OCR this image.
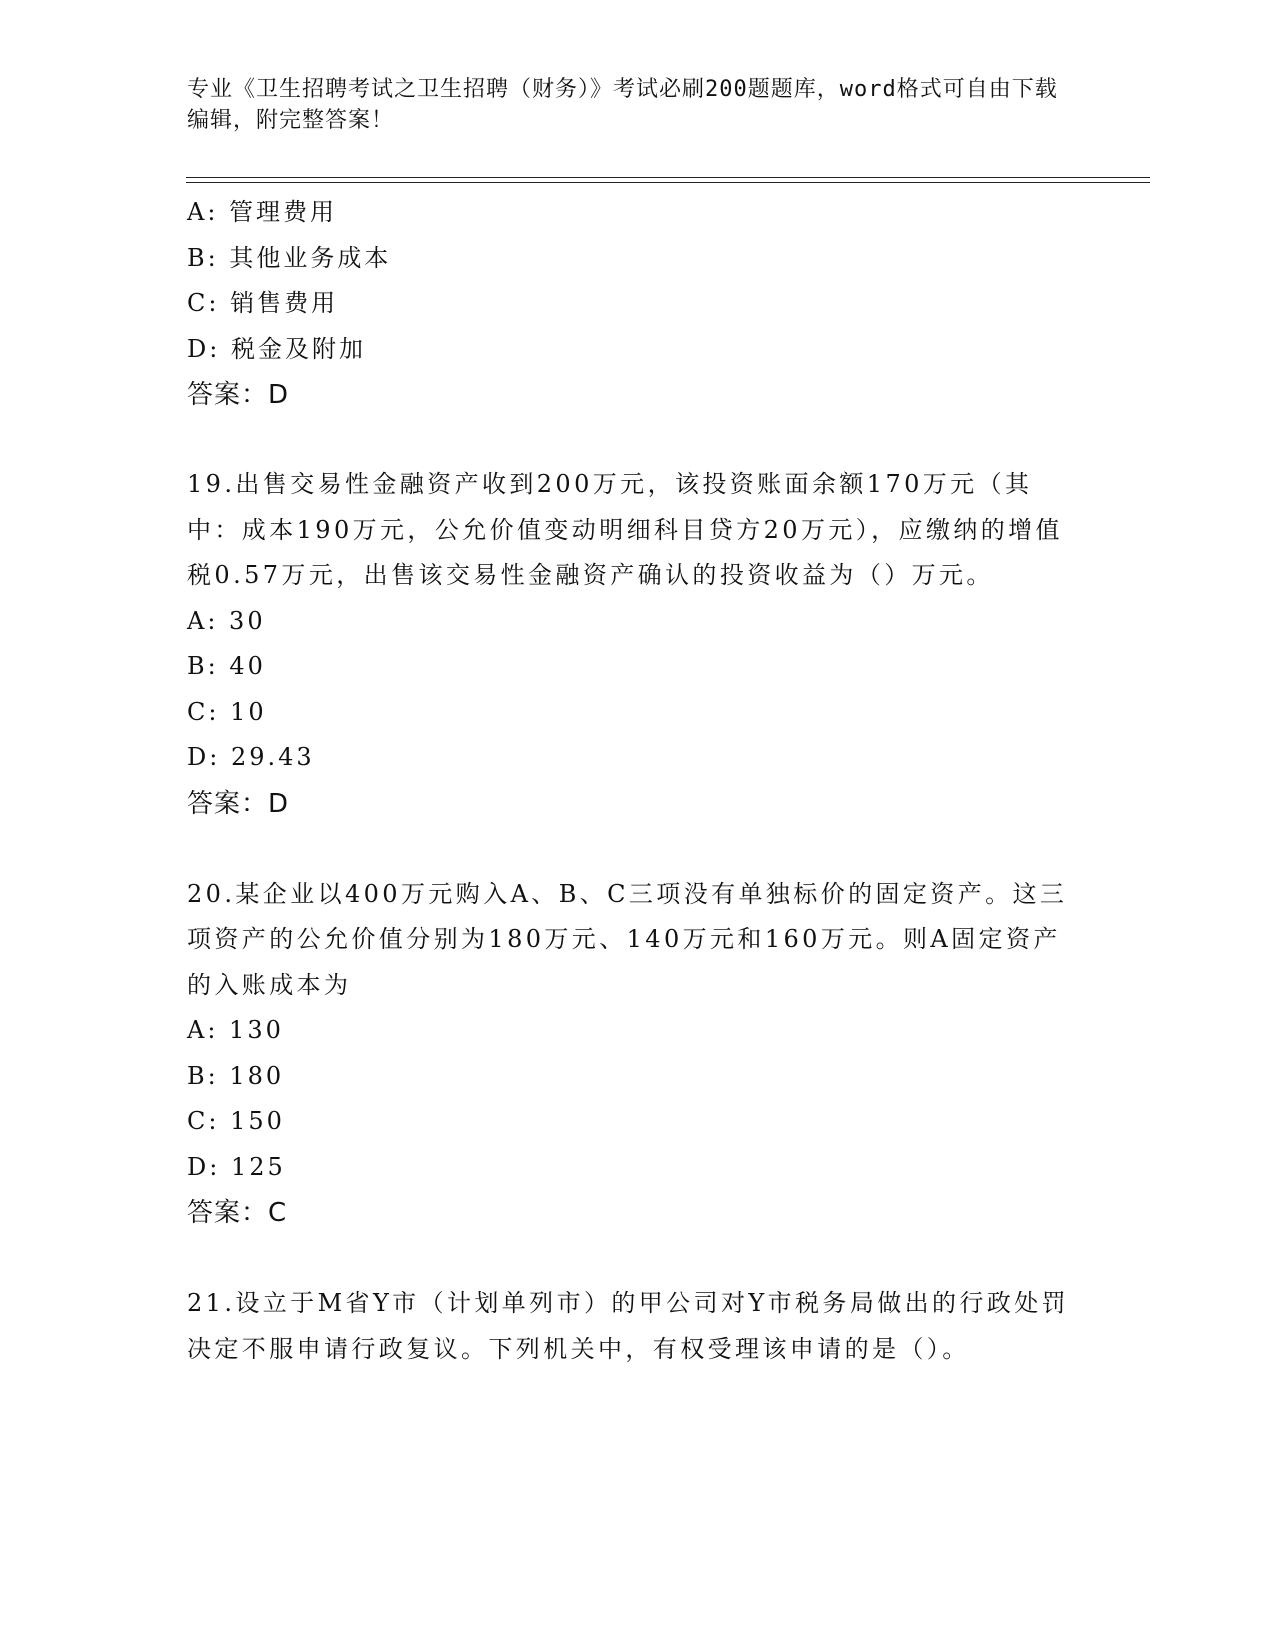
专业《卫生招聘考试之卫生招聘（财务）》考试必刷200题题库，word格式可自由下载编辑，附完整答案！
A: 管理费用
B: 其他业务成本
C: 销售费用
D: 税金及附加
答案：D
19.出售交易性金融资产收到200万元，该投资账面余额170万元（其中：成本190万元，公允价值变动明细科目贷方20万元），应缴纳的增值税0.57万元，出售该交易性金融资产确认的投资收益为（）万元。
A: 30
B: 40
C: 10
D: 29.43
答案：D
20.某企业以400万元购入A、B、C三项没有单独标价的固定资产。这三项资产的公允价值分别为180万元、140万元和160万元。则A固定资产的入账成本为
A: 130
B: 180
C: 150
D: 125
答案：C
21.设立于M省Y市（计划单列市）的甲公司对Y市税务局做出的行政处罚决定不服申请行政复议。下列机关中，有权受理该申请的是（）。
